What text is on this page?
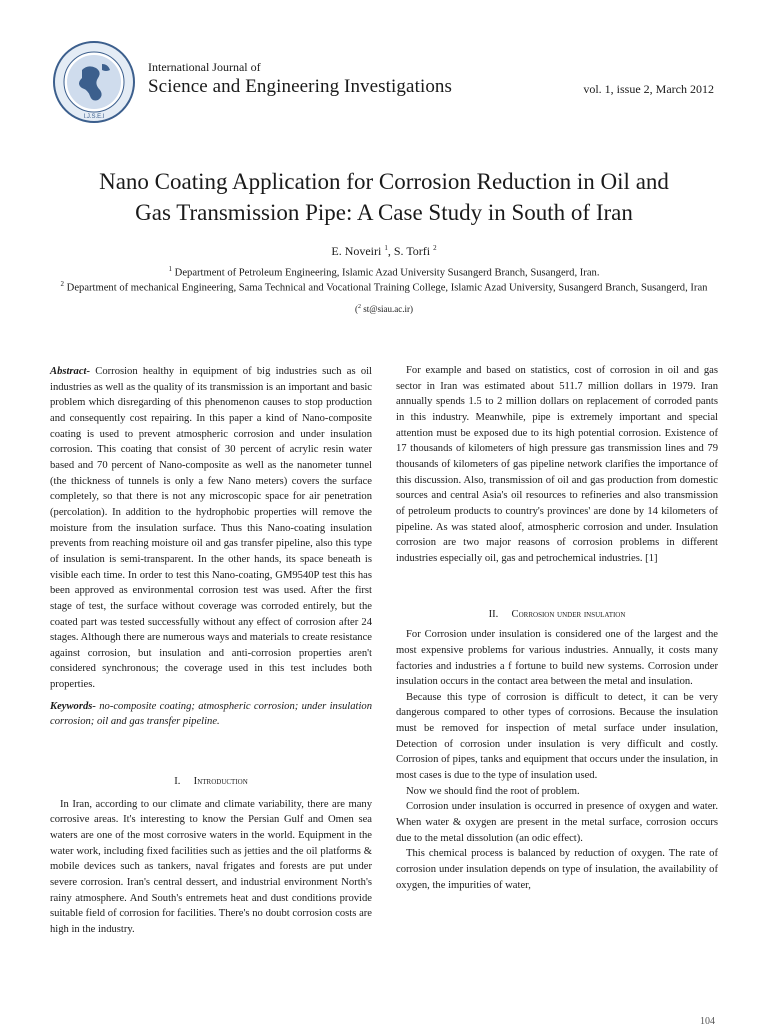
I.J.S.E.I
International Journal of
Science and Engineering Investigations	vol. 1, issue 2, March 2012
Nano Coating Application for Corrosion Reduction in Oil and
Gas Transmission Pipe: A Case Study in South of Iran
E. Noveiri $^1$, S. Torfi $^2$
$^1$ Department of Petroleum Engineering, Islamic Azad University Susangerd Branch, Susangerd, Iran.
$^2$ Department of mechanical Engineering, Sama Technical and Vocational Training College, Islamic Azad University, Susangerd Branch, Susangerd, Iran
($^2$ st@siau.ac.ir)

Abstract- Corrosion healthy in equipment of big industries such as oil industries as well as the quality of its transmission is an important and basic problem which disregarding of this phenomenon causes to stop production and consequently cost repairing. In this paper a kind of Nano-composite coating is used to prevent atmospheric corrosion and under insulation corrosion. This coating that consist of 30 percent of acrylic resin water based and 70 percent of Nano-composite as well as the nanometer tunnel (the thickness of tunnels is only a few Nano meters) covers the surface completely, so that there is not any microscopic space for air penetration (percolation). In addition to the hydrophobic properties will remove the moisture from the insulation surface. Thus this Nano-coating insulation prevents from reaching moisture oil and gas transfer pipeline, also this type of insulation is semi-transparent. In the other hands, its space beneath is visible each time. In order to test this Nano-coating, GM9540P test this has been approved as environmental corrosion test was used. After the first stage of test, the surface without coverage was corroded entirely, but the coated part was tested successfully without any effect of corrosion after 24 stages. Although there are numerous ways and materials to create resistance against corrosion, but insulation and anti-corrosion properties aren't considered synchronous; the coverage used in this test includes both properties.

Keywords- no-composite coating; atmospheric corrosion; under insulation corrosion; oil and gas transfer pipeline.

I. Introduction

In Iran, according to our climate and climate variability, there are many corrosive areas. It's interesting to know the Persian Gulf and Omen sea waters are one of the most corrosive waters in the world. Equipment in the water work, including fixed facilities such as jetties and the oil platforms & mobile devices such as tankers, naval frigates and forests are put under severe corrosion. Iran's central dessert, and industrial environment North's rainy atmosphere. And South's entremets heat and dust conditions provide suitable field of corrosion for facilities. There's no doubt corrosion costs are high in the industry.

For example and based on statistics, cost of corrosion in oil and gas sector in Iran was estimated about 511.7 million dollars in 1979. Iran annually spends 1.5 to 2 million dollars on replacement of corroded pants in this industry. Meanwhile, pipe is extremely important and special attention must be exposed due to its high potential corrosion. Existence of 17 thousands of kilometers of high pressure gas transmission lines and 79 thousands of kilometers of gas pipeline network clarifies the importance of this discussion. Also, transmission of oil and gas production from domestic sources and central Asia's oil resources to refineries and also transmission of petroleum products to country's provinces' are done by 14 kilometers of pipeline. As was stated aloof, atmospheric corrosion and under. Insulation corrosion are two major reasons of corrosion problems in different industries especially oil, gas and petrochemical industries. [1]

II. Corrosion under insulation

For Corrosion under insulation is considered one of the largest and the most expensive problems for various industries. Annually, it costs many factories and industries a f fortune to build new systems. Corrosion under insulation occurs in the contact area between the metal and insulation.

Because this type of corrosion is difficult to detect, it can be very dangerous compared to other types of corrosions. Because the insulation must be removed for inspection of metal surface under insulation, Detection of corrosion under insulation is very difficult and costly. Corrosion of pipes, tanks and equipment that occurs under the insulation, in most cases is due to the type of insulation used.

Now we should find the root of problem.

Corrosion under insulation is occurred in presence of oxygen and water. When water & oxygen are present in the metal surface, corrosion occurs due to the metal dissolution (an odic effect).

This chemical process is balanced by reduction of oxygen. The rate of corrosion under insulation depends on type of insulation, the availability of oxygen, the impurities of water,

104
